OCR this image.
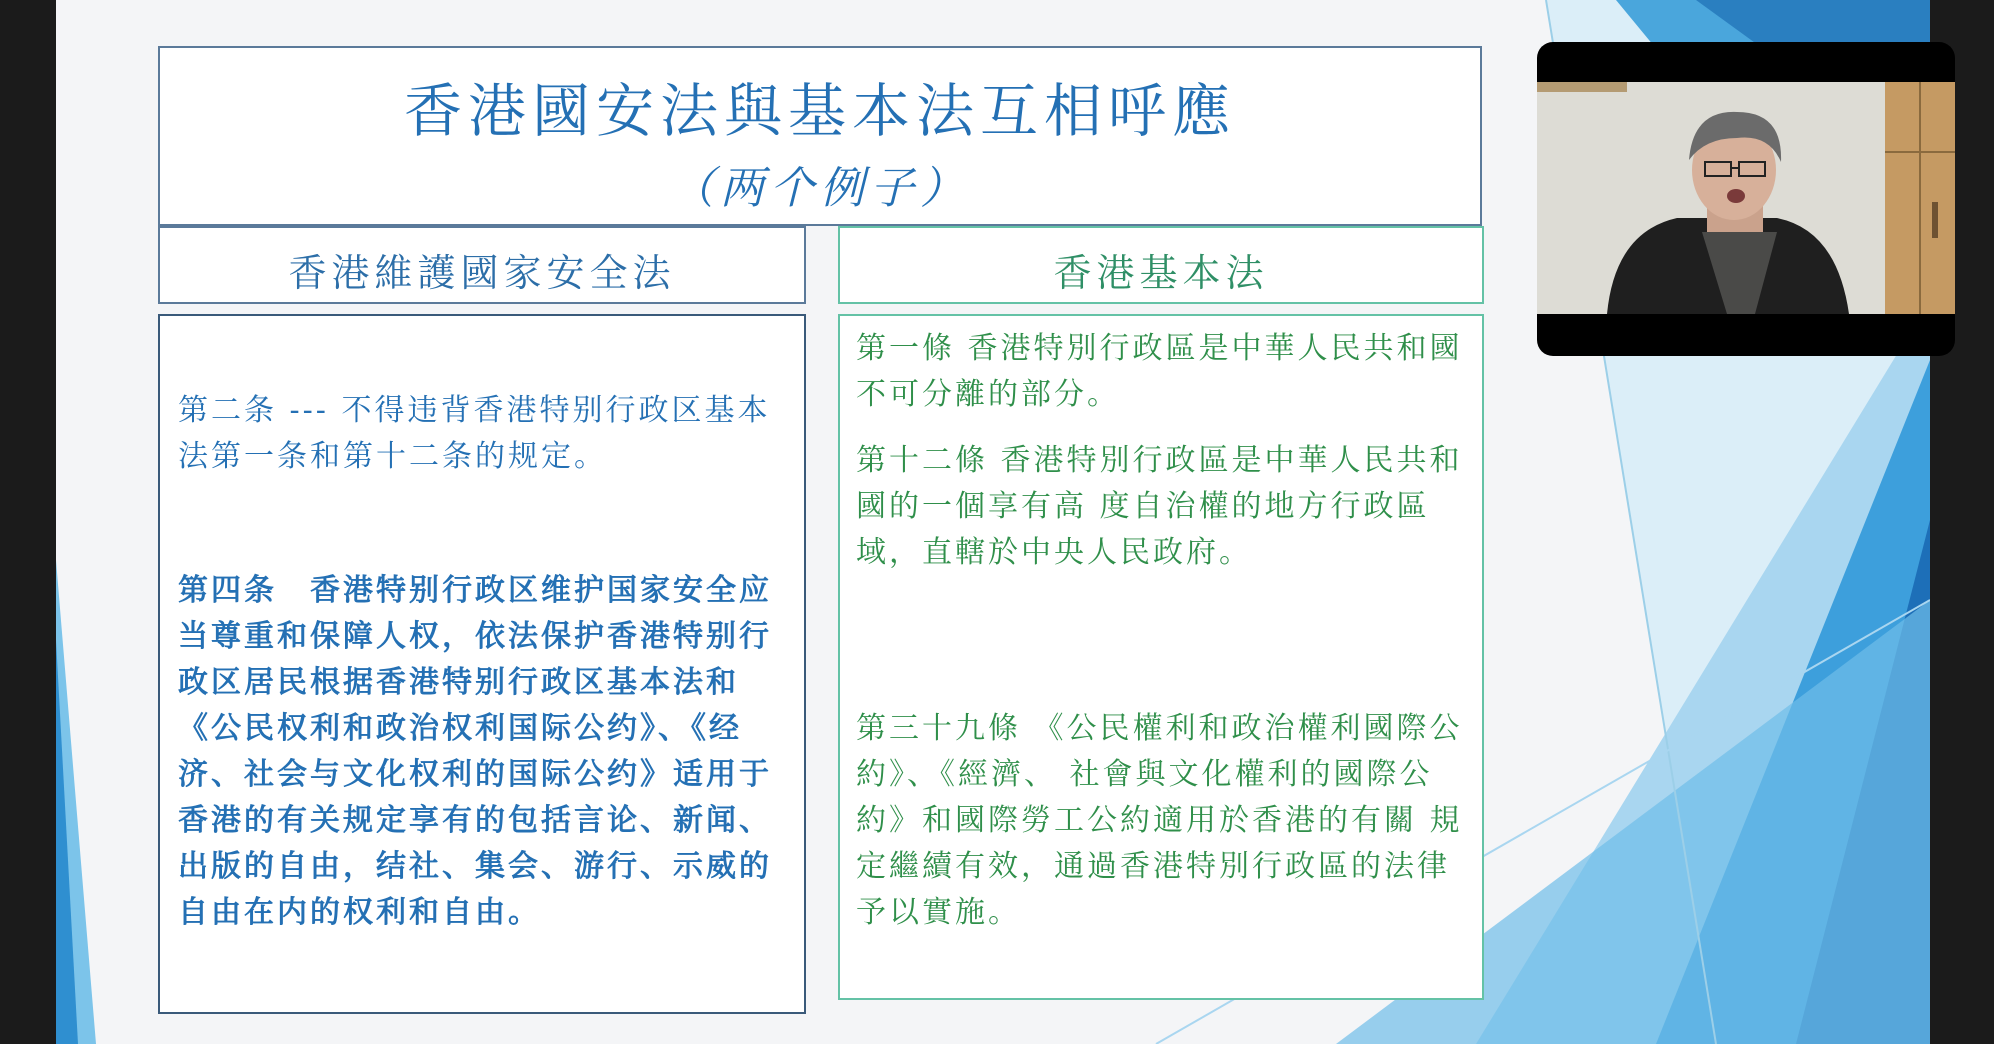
香港國安法與基本法互相呼應
（两个例子）
香港維護國家安全法	香港基本法

第二条 --- 不得违背香港特别行政区基本法第一条和第十二条的规定。

第四条　香港特别行政区维护国家安全应当尊重和保障人权，依法保护香港特别行政区居民根据香港特别行政区基本法和《公民权利和政治权利国际公约》、《经济、社会与文化权利的国际公约》适用于香港的有关规定享有的包括言论、新闻、出版的自由，结社、集会、游行、示威的自由在内的权利和自由。

第一條 香港特別行政區是中華人民共和國不可分離的部分。

第十二條 香港特別行政區是中華人民共和國的一個享有高 度自治權的地方行政區域，直轄於中央人民政府。

第三十九條 《公民權利和政治權利國際公約》、《經濟、 社會與文化權利的國際公約》和國際勞工公約適用於香港的有關 規定繼續有效，通過香港特別行政區的法律予以實施。
